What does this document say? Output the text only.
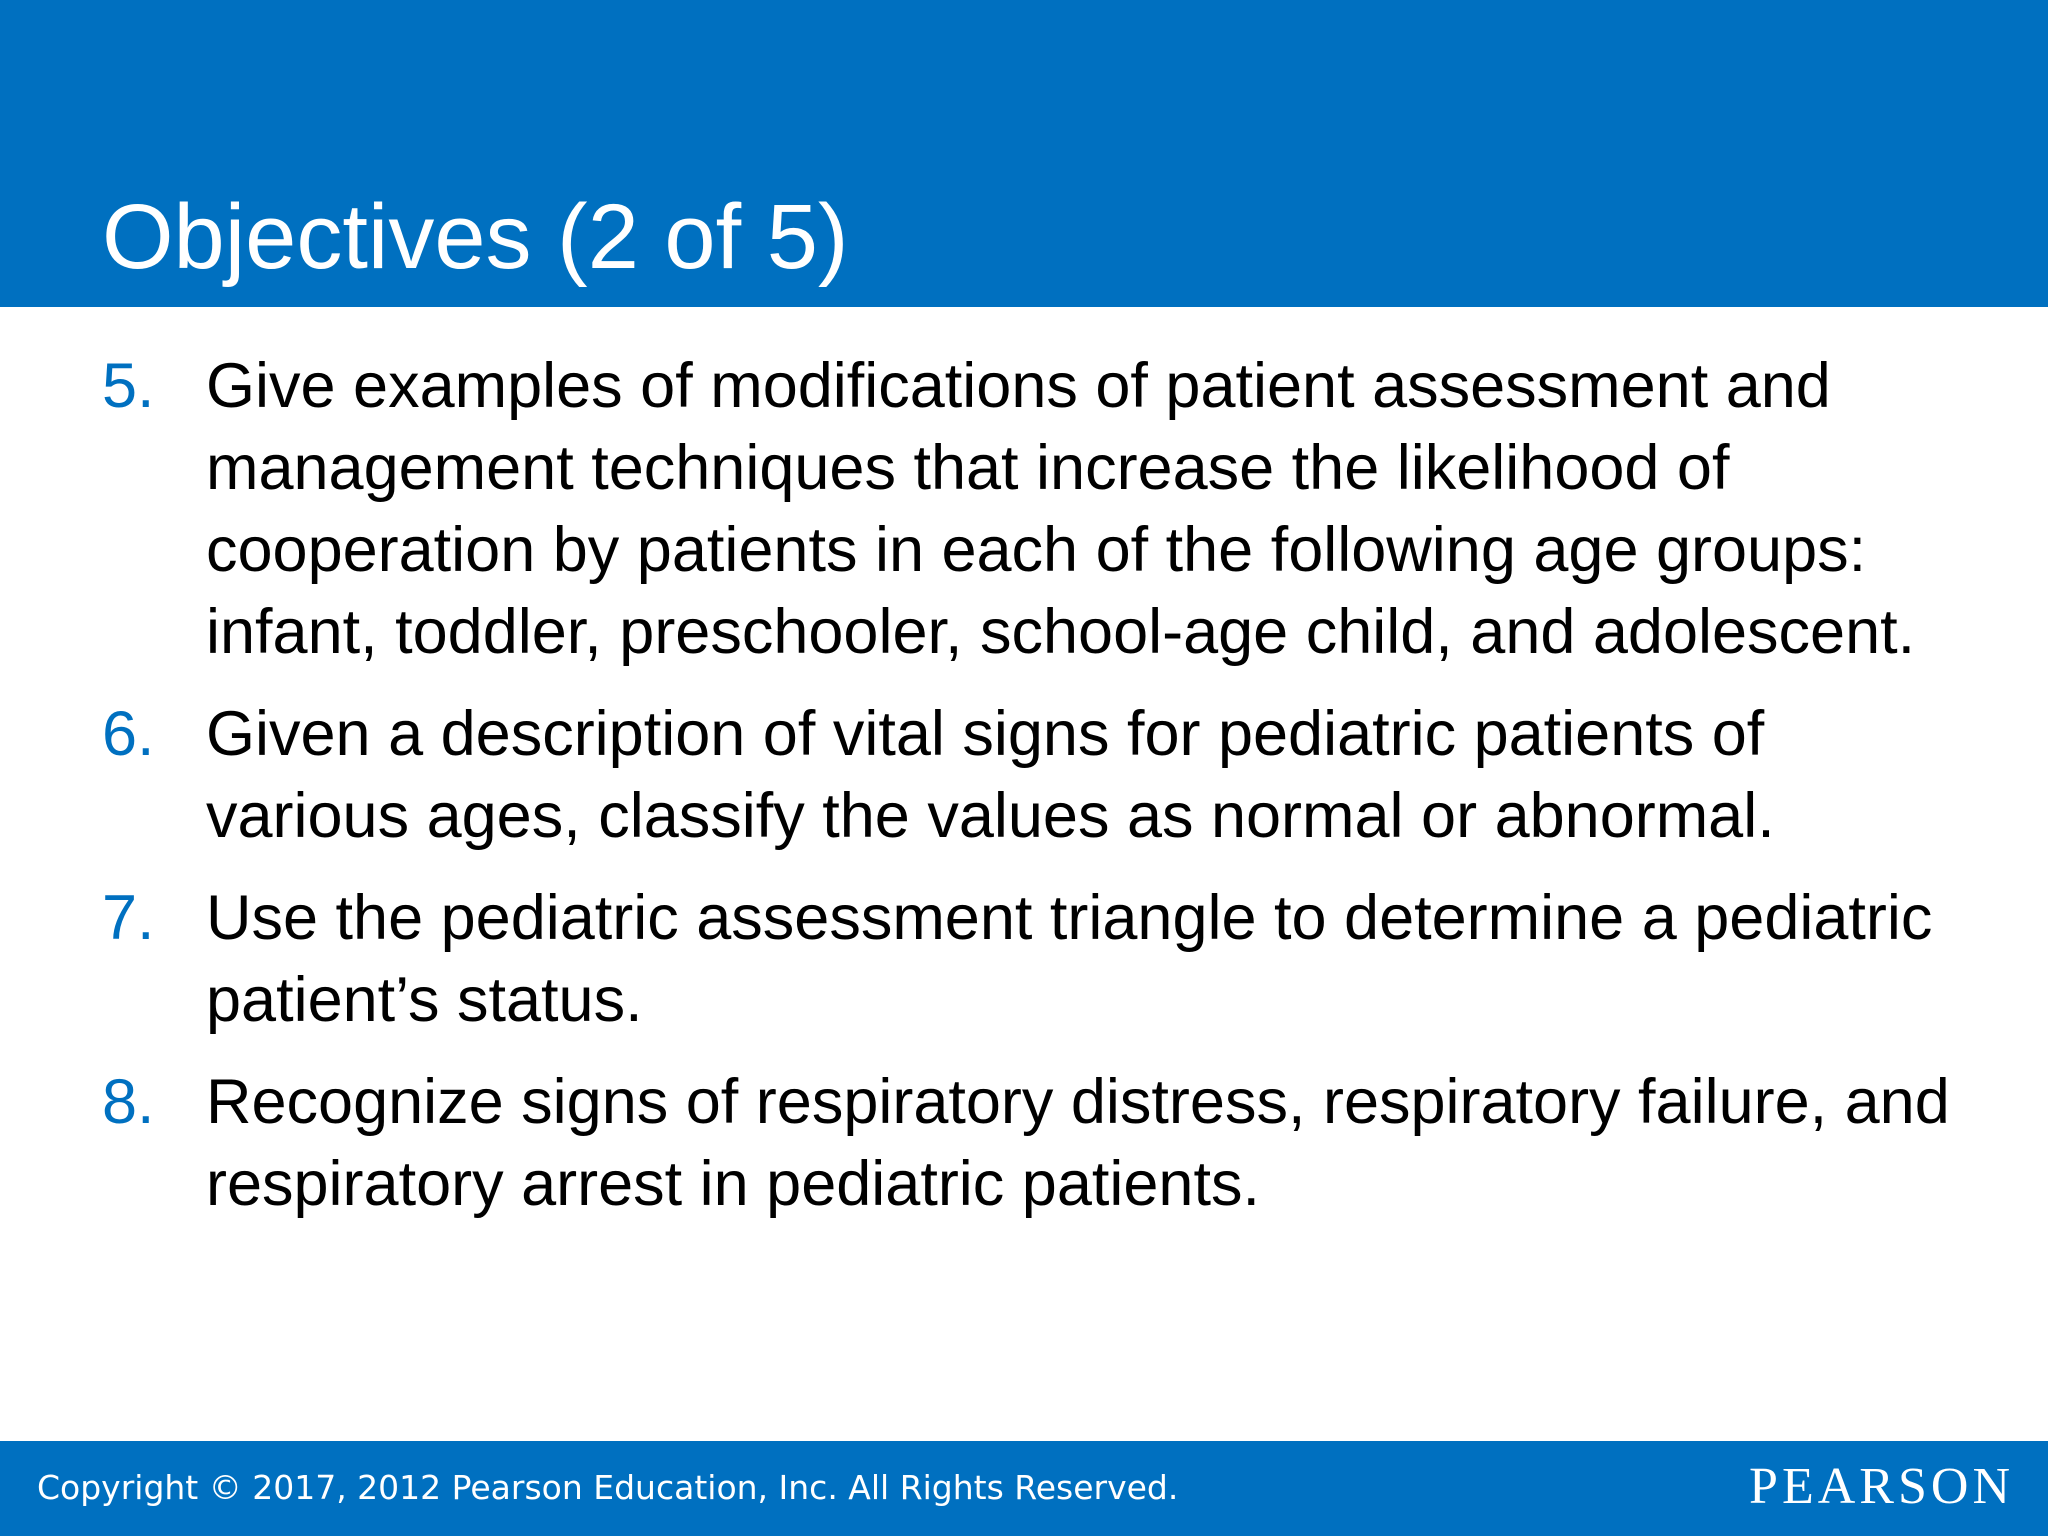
Objectives (2 of 5)
5. Give examples of modifications of patient assessment and management techniques that increase the likelihood of cooperation by patients in each of the following age groups: infant, toddler, preschooler, school-age child, and adolescent.
6. Given a description of vital signs for pediatric patients of various ages, classify the values as normal or abnormal.
7. Use the pediatric assessment triangle to determine a pediatric patient’s status.
8. Recognize signs of respiratory distress, respiratory failure, and respiratory arrest in pediatric patients.
Copyright © 2017, 2012 Pearson Education, Inc. All Rights Reserved.	PEARSON
